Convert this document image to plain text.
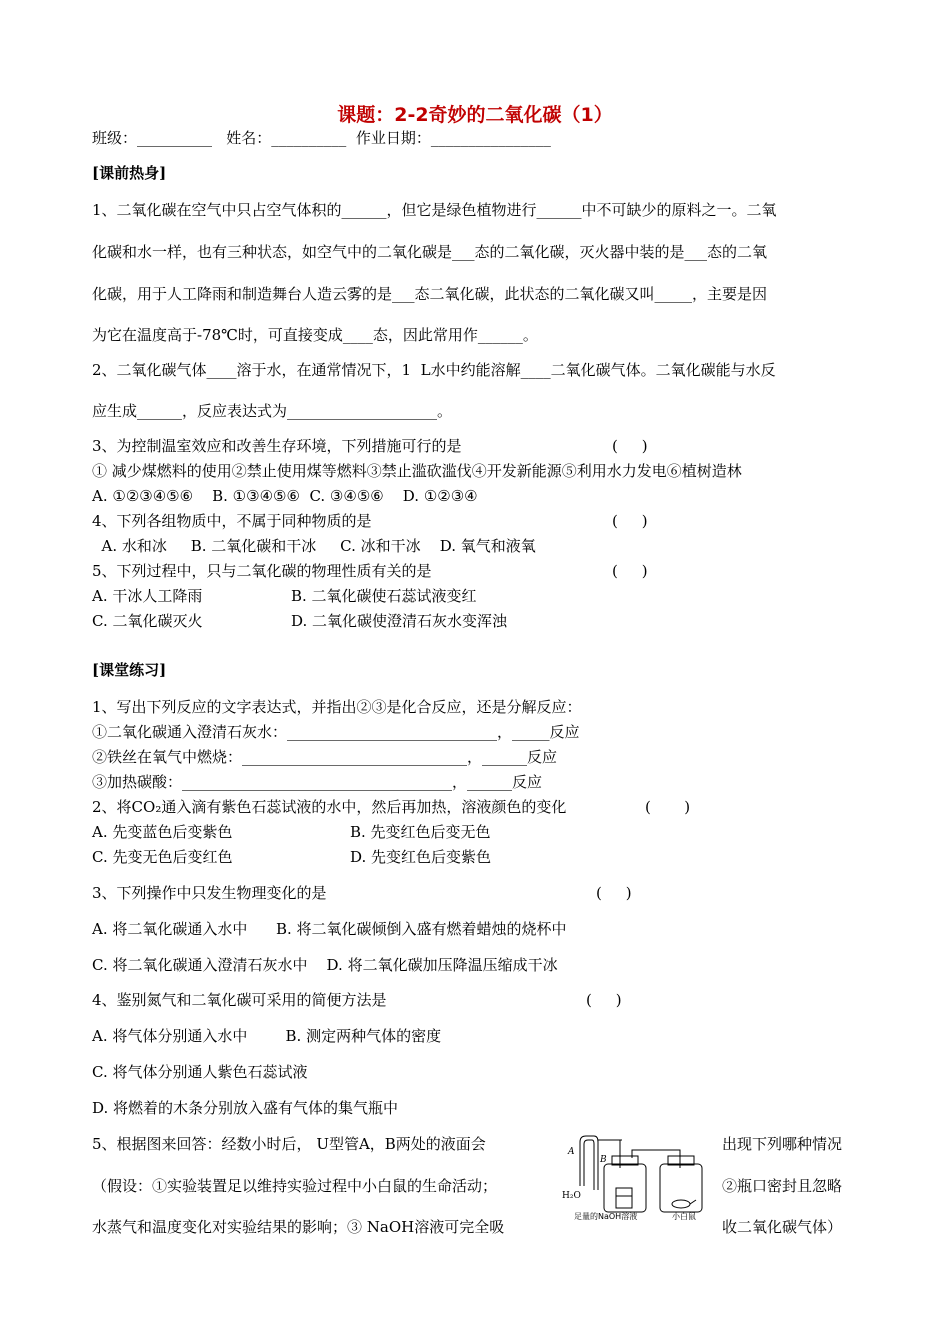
课题：2-2奇妙的二氧化碳（1）
班级：__________   姓名：__________  作业日期：________________
[课前热身]
1、二氧化碳在空气中只占空气体积的______，但它是绿色植物进行______中不可缺少的原料之一。二氧
化碳和水一样，也有三种状态，如空气中的二氧化碳是___态的二氧化碳，灭火器中装的是___态的二氧
化碳，用于人工降雨和制造舞台人造云雾的是___态二氧化碳，此状态的二氧化碳又叫_____，主要是因
为它在温度高于-78℃时，可直接变成____态，因此常用作______。
2、二氧化碳气体____溶于水，在通常情况下，1  L水中约能溶解____二氧化碳气体。二氧化碳能与水反
应生成______，反应表达式为____________________。
3、为控制温室效应和改善生存环境，下列措施可行的是	(     )
① 减少煤燃料的使用②禁止使用煤等燃料③禁止滥砍滥伐④开发新能源⑤利用水力发电⑥植树造林
A. ①②③④⑤⑥    B. ①③④⑤⑥  C. ③④⑤⑥    D. ①②③④
4、下列各组物质中，不属于同种物质的是	(     )
A. 水和冰     B. 二氧化碳和干冰     C. 冰和干冰    D. 氧气和液氧
5、下列过程中，只与二氧化碳的物理性质有关的是	(     )
A. 干冰人工降雨	B. 二氧化碳使石蕊试液变红
C. 二氧化碳灭火	D. 二氧化碳使澄清石灰水变浑浊
[课堂练习]
1、写出下列反应的文字表达式，并指出②③是化合反应，还是分解反应：
①二氧化碳通入澄清石灰水：____________________________，_____反应
②铁丝在氧气中燃烧：______________________________，______反应
③加热碳酸：____________________________________，______反应
2、将CO₂通入滴有紫色石蕊试液的水中，然后再加热，溶液颜色的变化	(       )
A. 先变蓝色后变紫色	B. 先变红色后变无色
C. 先变无色后变红色	D. 先变红色后变紫色
3、下列操作中只发生物理变化的是	(     )
A. 将二氧化碳通入水中      B. 将二氧化碳倾倒入盛有燃着蜡烛的烧杯中
C. 将二氧化碳通入澄清石灰水中    D. 将二氧化碳加压降温压缩成干冰
4、鉴别氮气和二氧化碳可采用的简便方法是	(     )
A. 将气体分别通入水中        B. 测定两种气体的密度
C. 将气体分别通人紫色石蕊试液
D. 将燃着的木条分别放入盛有气体的集气瓶中
5、根据图来回答：经数小时后， U型管A，B两处的液面会
（假设：①实验装置足以维持实验过程中小白鼠的生命活动；
水蒸气和温度变化对实验结果的影响；③ NaOH溶液可完全吸
出现下列哪种情况
②瓶口密封且忽略
收二氧化碳气体）
A
B
H₂O
足量的NaOH溶液	小白鼠
